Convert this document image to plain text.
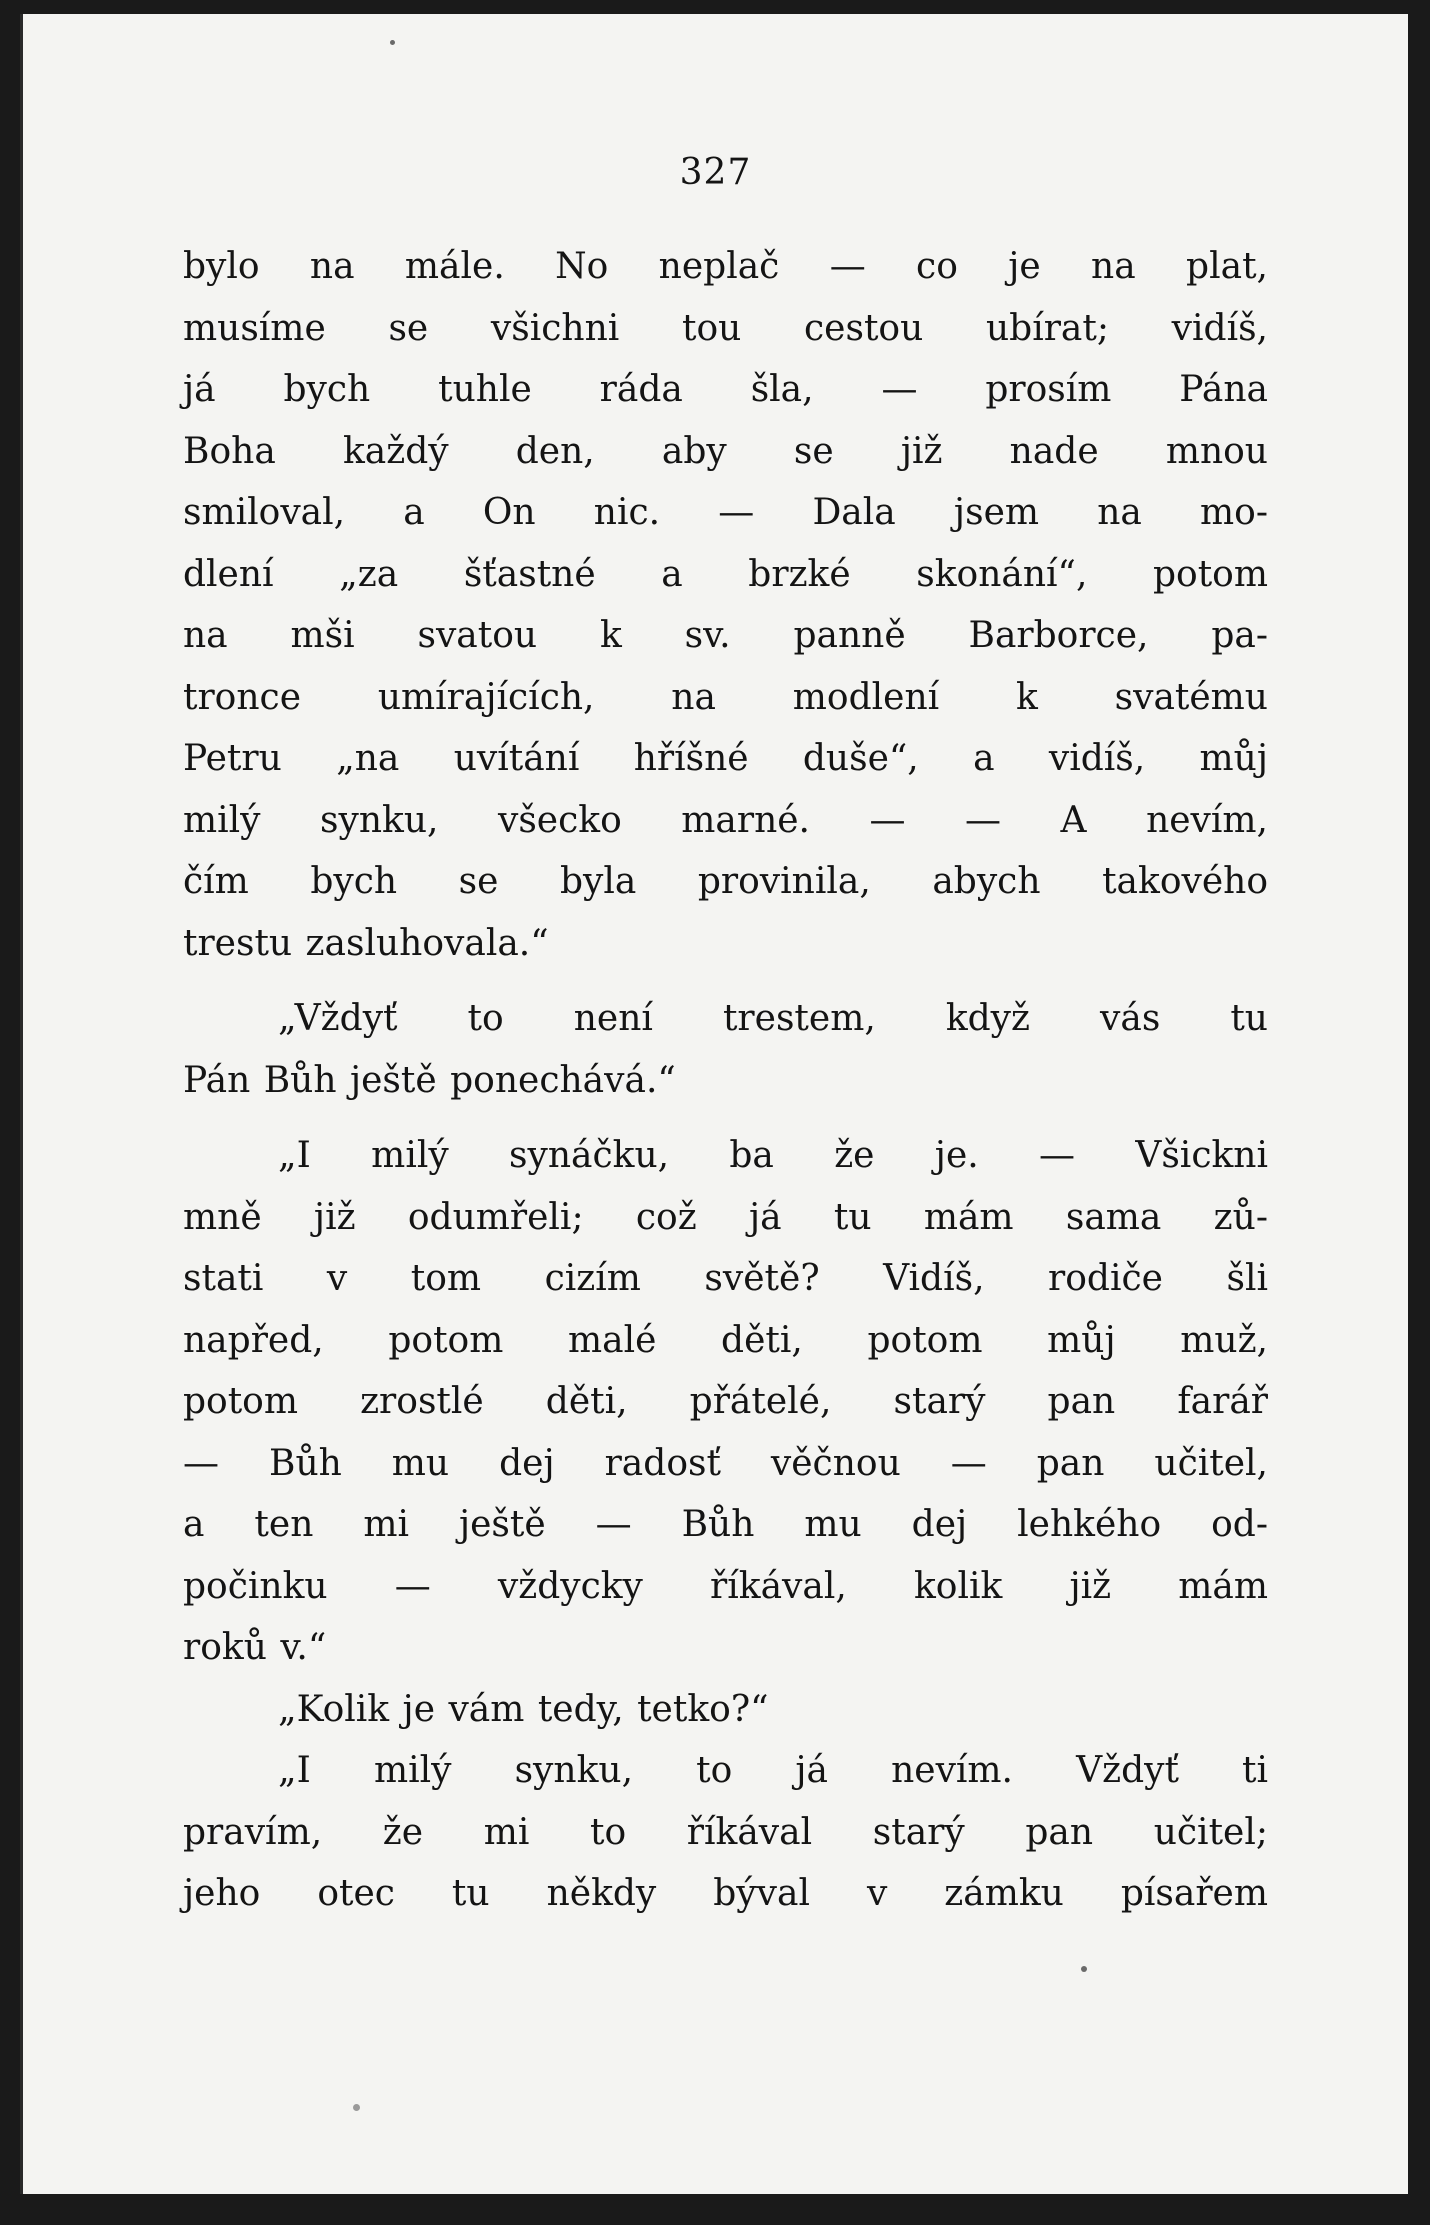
327
bylo na mále. No neplač — co je na plat,
musíme se všichni tou cestou ubírat; vidíš,
já bych tuhle ráda šla, — prosím Pána
Boha každý den, aby se již nade mnou
smiloval, a On nic. — Dala jsem na mo-
dlení „za šťastné a brzké skonání“, potom
na mši svatou k sv. panně Barborce, pa-
tronce umírajících, na modlení k svatému
Petru „na uvítání hříšné duše“, a vidíš, můj
milý synku, všecko marné. — — A nevím,
čím bych se byla provinila, abych takového
trestu zasluhovala.“
„Vždyť to není trestem, když vás tu
Pán Bůh ještě ponechává.“
„I milý synáčku, ba že je. — Všickni
mně již odumřeli; což já tu mám sama zů-
stati v tom cizím světě? Vidíš, rodiče šli
napřed, potom malé děti, potom můj muž,
potom zrostlé děti, přátelé, starý pan farář
— Bůh mu dej radosť věčnou — pan učitel,
a ten mi ještě — Bůh mu dej lehkého od-
počinku — vždycky říkával, kolik již mám
roků v.“
„Kolik je vám tedy, tetko?“
„I milý synku, to já nevím. Vždyť ti
pravím, že mi to říkával starý pan učitel;
jeho otec tu někdy býval v zámku písařem
